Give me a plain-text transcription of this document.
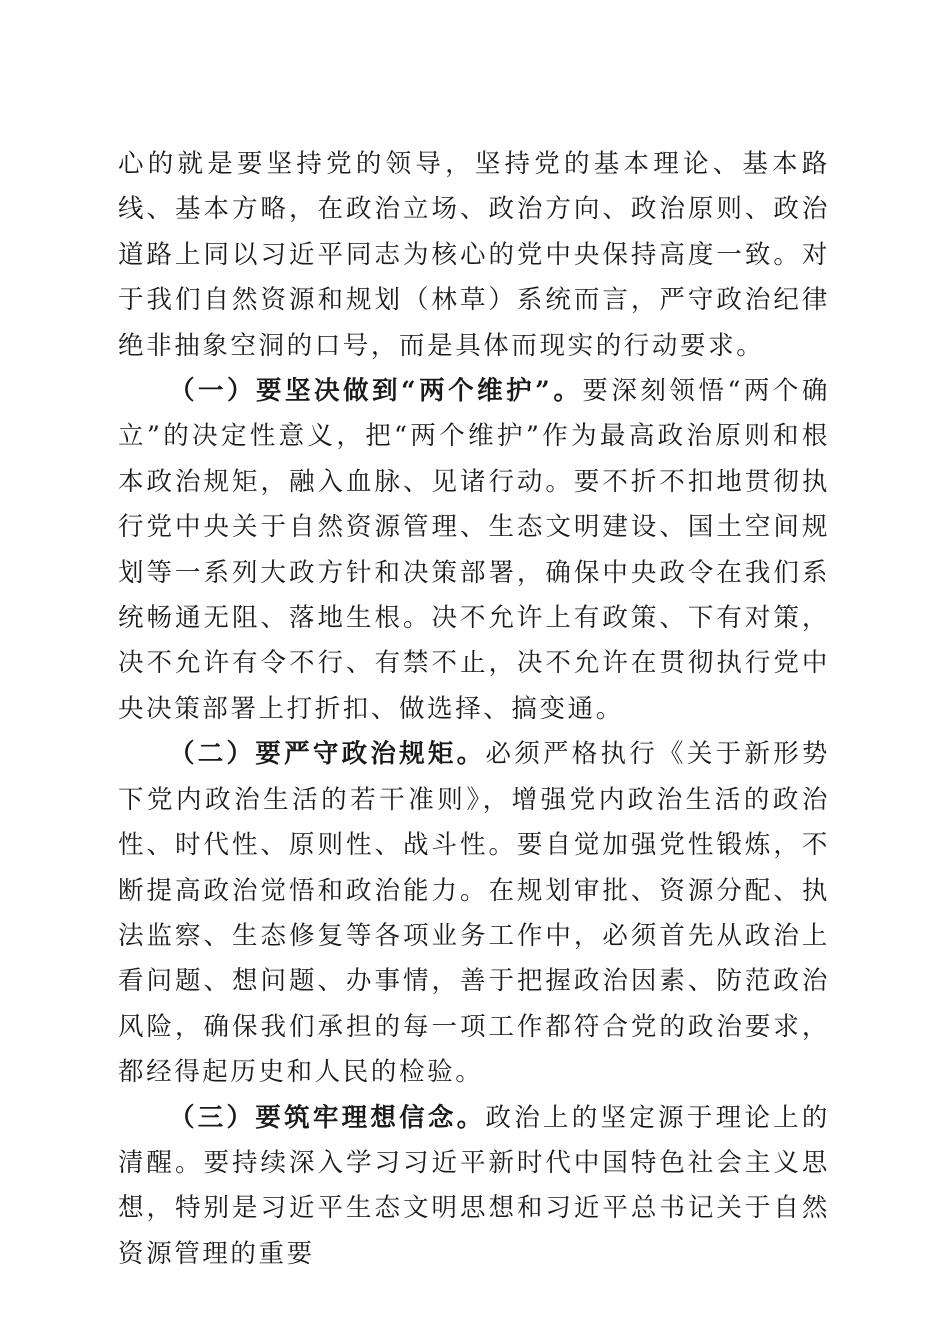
心的就是要坚持党的领导，坚持党的基本理论、基本路线、基本方略，在政治立场、政治方向、政治原则、政治道路上同以习近平同志为核心的党中央保持高度一致。对于我们自然资源和规划（林草）系统而言，严守政治纪律绝非抽象空洞的口号，而是具体而现实的行动要求。

（一）要坚决做到“两个维护”。要深刻领悟“两个确立”的决定性意义，把“两个维护”作为最高政治原则和根本政治规矩，融入血脉、见诸行动。要不折不扣地贯彻执行党中央关于自然资源管理、生态文明建设、国土空间规划等一系列大政方针和决策部署，确保中央政令在我们系统畅通无阻、落地生根。决不允许上有政策、下有对策，决不允许有令不行、有禁不止，决不允许在贯彻执行党中央决策部署上打折扣、做选择、搞变通。

（二）要严守政治规矩。必须严格执行《关于新形势下党内政治生活的若干准则》，增强党内政治生活的政治性、时代性、原则性、战斗性。要自觉加强党性锻炼，不断提高政治觉悟和政治能力。在规划审批、资源分配、执法监察、生态修复等各项业务工作中，必须首先从政治上看问题、想问题、办事情，善于把握政治因素、防范政治风险，确保我们承担的每一项工作都符合党的政治要求，都经得起历史和人民的检验。

（三）要筑牢理想信念。政治上的坚定源于理论上的清醒。要持续深入学习习近平新时代中国特色社会主义思想，特别是习近平生态文明思想和习近平总书记关于自然资源管理的重要
